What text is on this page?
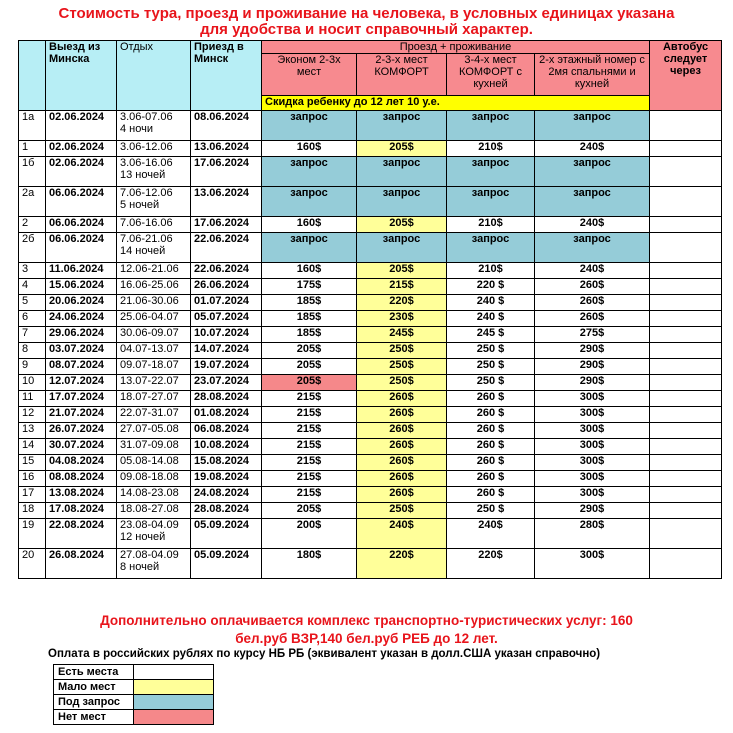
Стоимость тура, проезд и проживание на человека, в условных единицах указана
для удобства и носит справочный характер.
	Выезд из Минска	Отдых	Приезд в Минск	Проезд + проживание				Автобус следует через
				Эконом 2-3х мест	2-3-х мест КОМФОРТ	3-4-х мест КОМФОРТ с кухней	2-х этажный номер с 2мя спальнями и кухней	
				Скидка ребенку до 12 лет 10 у.е.				
1а	02.06.2024	3.06-07.06
4 ночи	08.06.2024	запрос	запрос	запрос	запрос	
1	02.06.2024	3.06-12.06	13.06.2024	160$	205$	210$	240$	
1б	02.06.2024	3.06-16.06
13 ночей	17.06.2024	запрос	запрос	запрос	запрос	
2а	06.06.2024	7.06-12.06
5 ночей	13.06.2024	запрос	запрос	запрос	запрос	
2	06.06.2024	7.06-16.06	17.06.2024	160$	205$	210$	240$	
2б	06.06.2024	7.06-21.06
14 ночей	22.06.2024	запрос	запрос	запрос	запрос	
3	11.06.2024	12.06-21.06	22.06.2024	160$	205$	210$	240$	
4	15.06.2024	16.06-25.06	26.06.2024	175$	215$	220 $	260$	
5	20.06.2024	21.06-30.06	01.07.2024	185$	220$	240 $	260$	
6	24.06.2024	25.06-04.07	05.07.2024	185$	230$	240 $	260$	
7	29.06.2024	30.06-09.07	10.07.2024	185$	245$	245 $	275$	
8	03.07.2024	04.07-13.07	14.07.2024	205$	250$	250 $	290$	
9	08.07.2024	09.07-18.07	19.07.2024	205$	250$	250 $	290$	
10	12.07.2024	13.07-22.07	23.07.2024	205$	250$	250 $	290$	
11	17.07.2024	18.07-27.07	28.08.2024	215$	260$	260 $	300$	
12	21.07.2024	22.07-31.07	01.08.2024	215$	260$	260 $	300$	
13	26.07.2024	27.07-05.08	06.08.2024	215$	260$	260 $	300$	
14	30.07.2024	31.07-09.08	10.08.2024	215$	260$	260 $	300$	
15	04.08.2024	05.08-14.08	15.08.2024	215$	260$	260 $	300$	
16	08.08.2024	09.08-18.08	19.08.2024	215$	260$	260 $	300$	
17	13.08.2024	14.08-23.08	24.08.2024	215$	260$	260 $	300$	
18	17.08.2024	18.08-27.08	28.08.2024	205$	250$	250 $	290$	
19	22.08.2024	23.08-04.09
12 ночей	05.09.2024	200$	240$	240$	280$	
20	26.08.2024	27.08-04.09
8 ночей	05.09.2024	180$	220$	220$	300$	
Дополнительно оплачивается комплекс транспортно-туристических услуг: 160
бел.руб ВЗР,140 бел.руб РЕБ до 12 лет.
Оплата в российских рублях по курсу НБ РБ (эквивалент указан в долл.США указан справочно)
Есть места	
Мало мест	
Под запрос	
Нет мест	
